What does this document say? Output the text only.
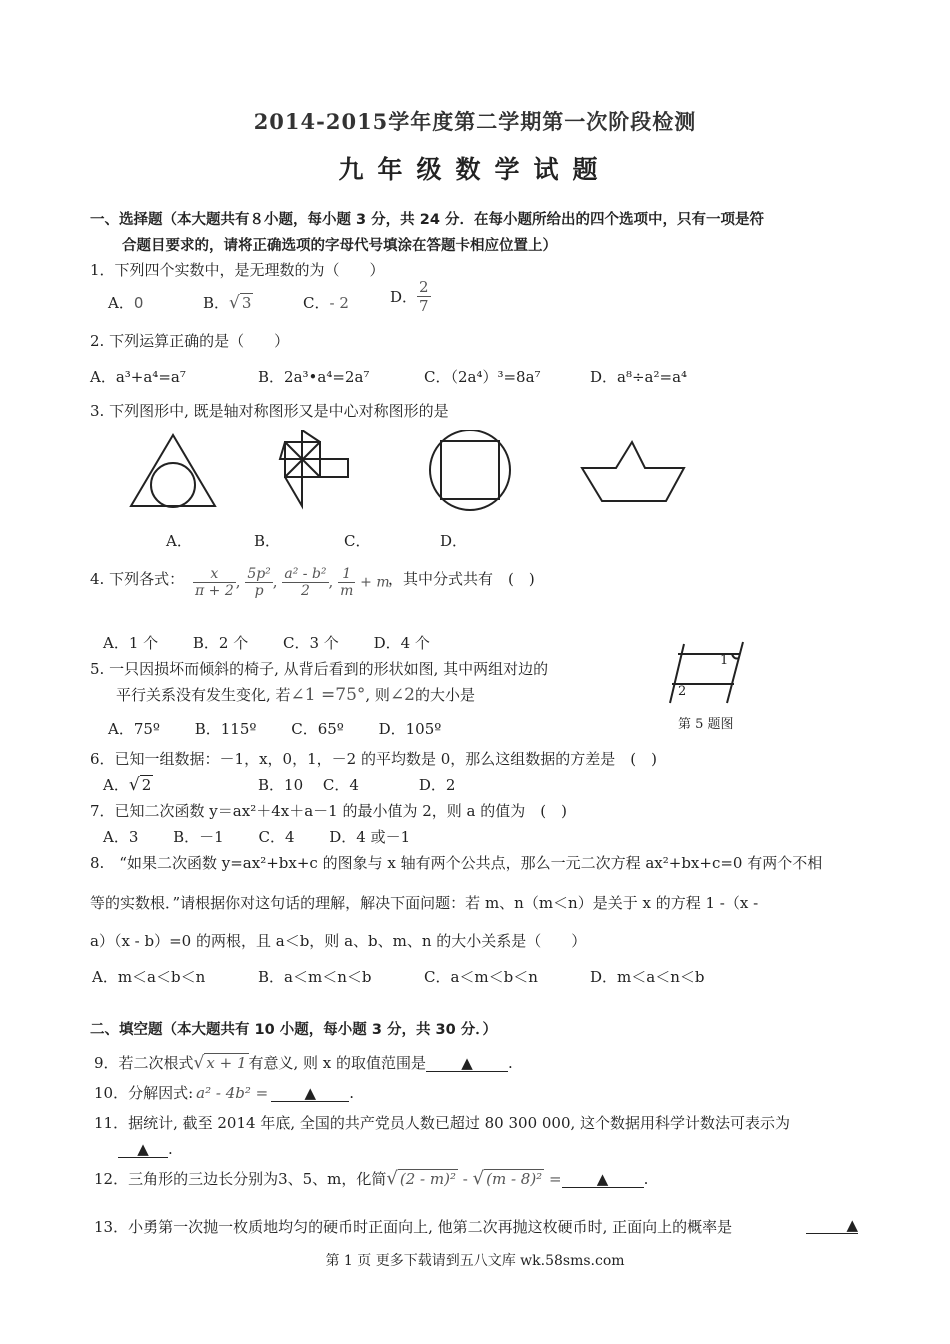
2014-2015学年度第二学期第一次阶段检测
九年级数学试题
一、选择题（本大题共有８小题，每小题 3 分，共 24 分．在每小题所给出的四个选项中，只有一项是符
合题目要求的，请将正确选项的字母代号填涂在答题卡相应位置上）
1．下列四个实数中，是无理数的为（　　）
A．0	B．√ 3	C．- 2	D． $\frac{2}{7}$
2. 下列运算正确的是（　　）
A．a³+a⁴=a⁷	B．2a³•a⁴=2a⁷	C．（2a⁴）³=8a⁷	D．a⁸÷a²=a⁴
3. 下列图形中, 既是轴对称图形又是中心对称图形的是
A．	B．	C．	D．
4. 下列各式： $\frac{x}{\pi + 2}$ , $\frac{\text{5p²}}{p}$ , $\frac{\text{a² - b²}}{2}$ , $\frac{1}{m} + m$
，其中分式共有　(　)
A．1 个　　 B．2 个　　 C．3 个　　 D．4 个
5. 一只因损坏而倾斜的椅子, 从背后看到的形状如图, 其中两组对边的
平行关系没有发生变化, 若∠1 =75°, 则∠2的大小是
A．75º　　 B．115º　　 C．65º　　 D．105º
1
2
第 5 题图
6．已知一组数据：－1，x，0，1，－2 的平均数是 0，那么这组数据的方差是　(　)
A．√ 2	B．10　 C．4　　　　D．2
7．已知二次函数 y＝ax²＋4x＋a－1 的最小值为 2，则 a 的值为　(　)
A．3　　 B．－1　　 C．4　　 D．4 或－1
8.　“如果二次函数 y=ax²+bx+c 的图象与 x 轴有两个公共点，那么一元二次方程 ax²+bx+c=0 有两个不相
等的实数根．”请根据你对这句话的理解，解决下面问题：若 m、n（m＜n）是关于 x 的方程 1 -（x -
a）（x - b）=0 的两根，且 a＜b，则 a、b、m、n 的大小关系是（　　）
A．m＜a＜b＜n	B．a＜m＜n＜b	C．a＜m＜b＜n	D．m＜a＜n＜b
二、填空题（本大题共有 10 小题，每小题 3 分，共 30 分．）
9．若二次根式√ x + 1 有意义, 则 x 的取值范围是 ▲ .
10．分解因式: a² - 4b² = ▲ .
11．据统计, 截至 2014 年底, 全国的共产党员人数已超过 80 300 000, 这个数据用科学计数法可表示为
▲ .
12．三角形的三边长分别为3、5、m，化简√ (2 - m)² - √ (m - 8)² = ▲ .
13．小勇第一次抛一枚质地均匀的硬币时正面向上, 他第二次再抛这枚硬币时, 正面向上的概率是	▲
第 1 页 更多下载请到五八文库 wk.58sms.com
